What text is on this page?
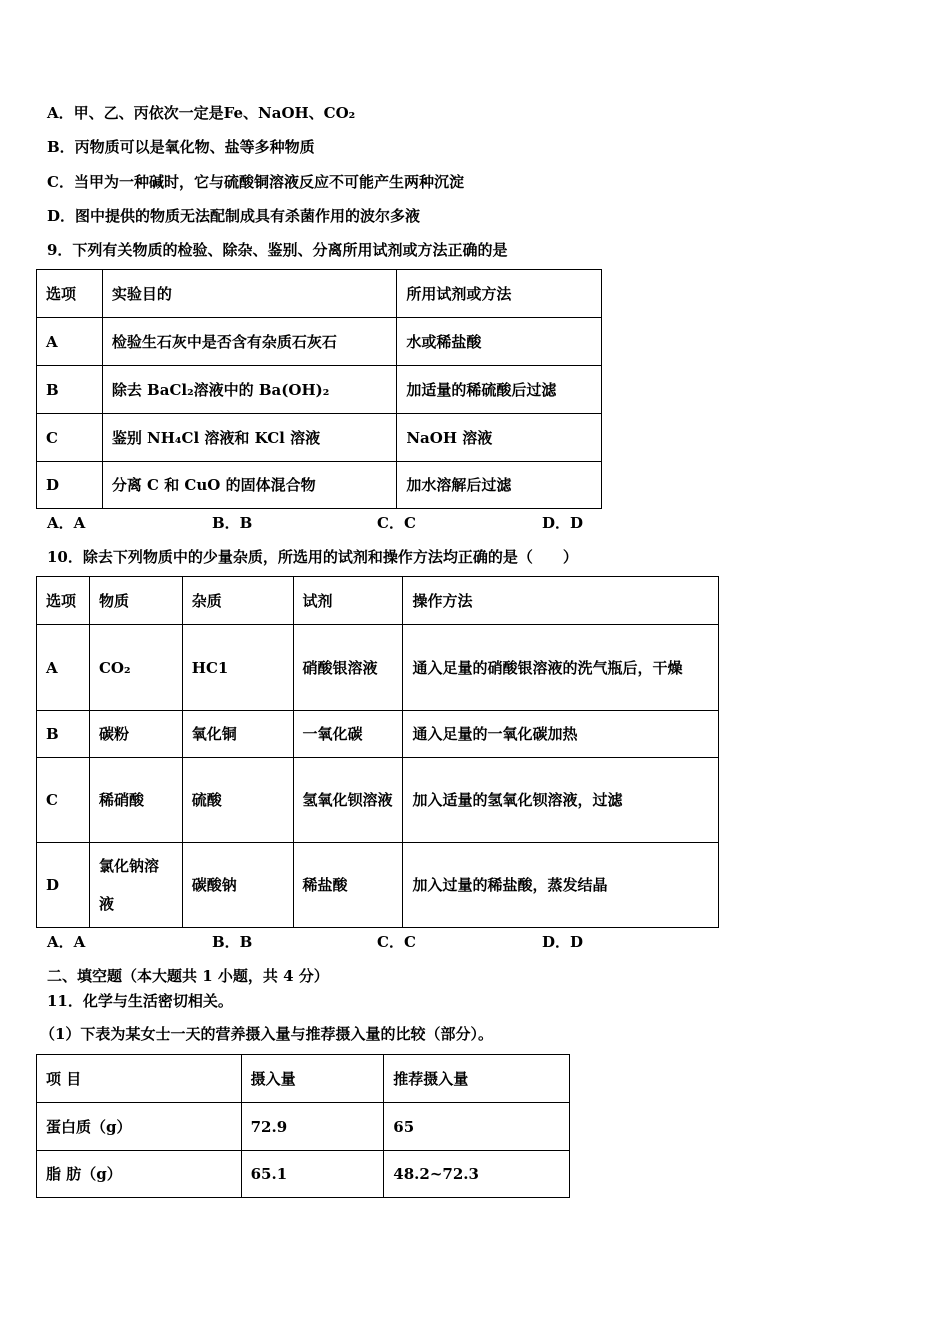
A．甲、乙、丙依次一定是Fe、NaOH、CO₂
B．丙物质可以是氧化物、盐等多种物质
C．当甲为一种碱时，它与硫酸铜溶液反应不可能产生两种沉淀
D．图中提供的物质无法配制成具有杀菌作用的波尔多液
9．下列有关物质的检验、除杂、鉴别、分离所用试剂或方法正确的是
选项	实验目的	所用试剂或方法
A	检验生石灰中是否含有杂质石灰石	水或稀盐酸
B	除去 BaCl₂溶液中的 Ba(OH)₂	加适量的稀硫酸后过滤
C	鉴别 NH₄Cl 溶液和 KCl 溶液	NaOH 溶液
D	分离 C 和 CuO 的固体混合物	加水溶解后过滤
A．A	B．B	C．C	D．D
10．除去下列物质中的少量杂质，所选用的试剂和操作方法均正确的是（　　）
选项	物质	杂质	试剂	操作方法
A	CO₂	HC1	硝酸银溶液	通入足量的硝酸银溶液的洗气瓶后，干燥
B	碳粉	氧化铜	一氧化碳	通入足量的一氧化碳加热
C	稀硝酸	硫酸	氢氧化钡溶液	加入适量的氢氧化钡溶液，过滤
D	氯化钠溶液	碳酸钠	稀盐酸	加入过量的稀盐酸，蒸发结晶
A．A	B．B	C．C	D．D
二、填空题（本大题共 1 小题，共 4 分）
11．化学与生活密切相关。
（1）下表为某女士一天的营养摄入量与推荐摄入量的比较（部分）。
项 目	摄入量	推荐摄入量
蛋白质（g）	72.9	65
脂 肪（g）	65.1	48.2~72.3
